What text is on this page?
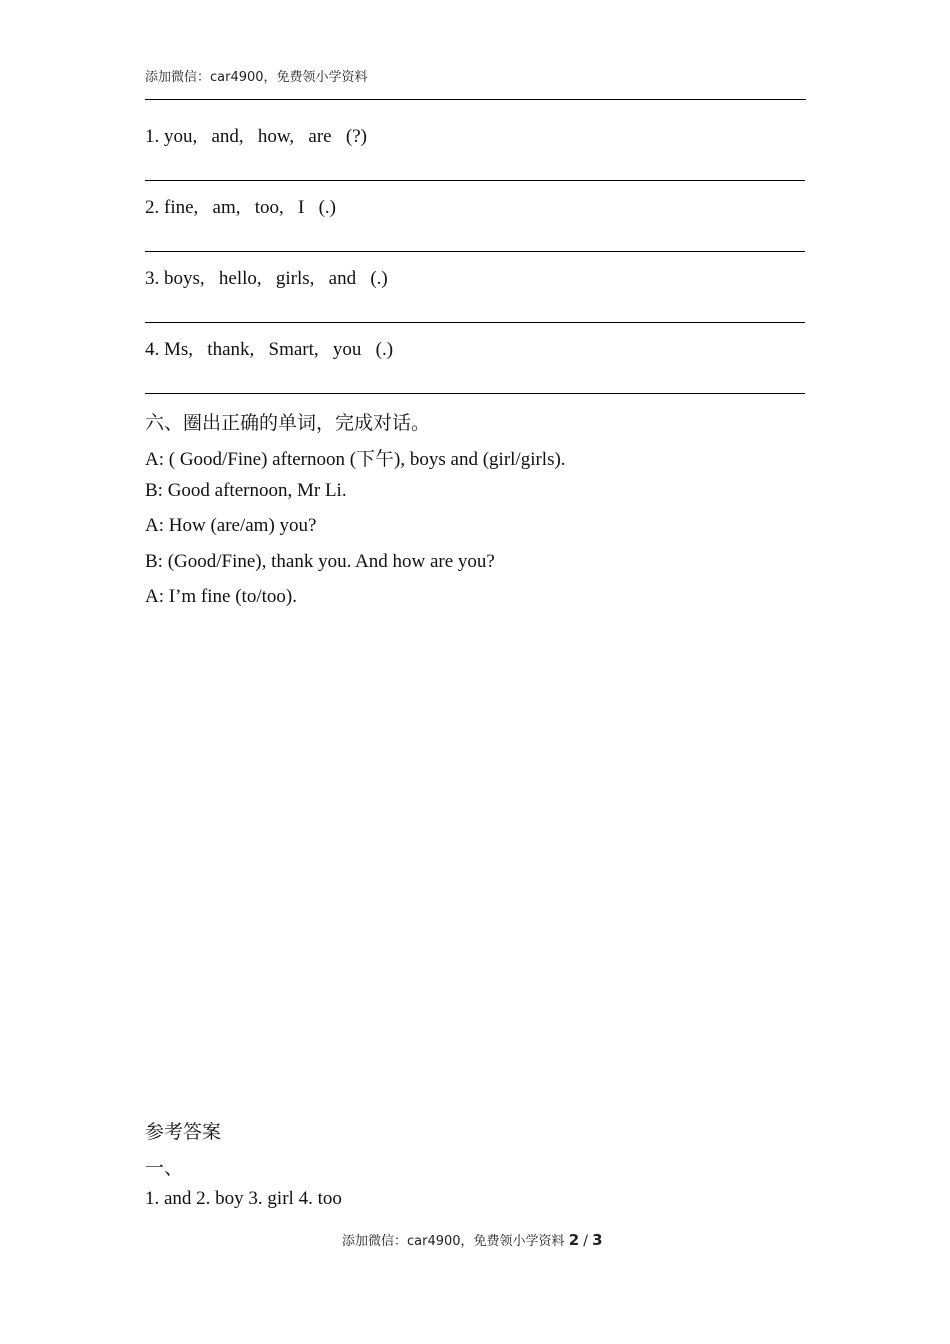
添加微信：car4900，免费领小学资料
1. you,   and,   how,   are   (?)
2. fine,   am,   too,   I   (.)
3. boys,   hello,   girls,   and   (.)
4. Ms,   thank,   Smart,   you   (.)
六、圈出正确的单词，完成对话。
A: ( Good/Fine) afternoon (下午), boys and (girl/girls).
B: Good afternoon, Mr Li.
A: How (are/am) you?
B: (Good/Fine), thank you. And how are you?
A: I’m fine (to/too).
参考答案
一、
1. and 2. boy 3. girl 4. too
添加微信：car4900，免费领小学资料 2 / 3
